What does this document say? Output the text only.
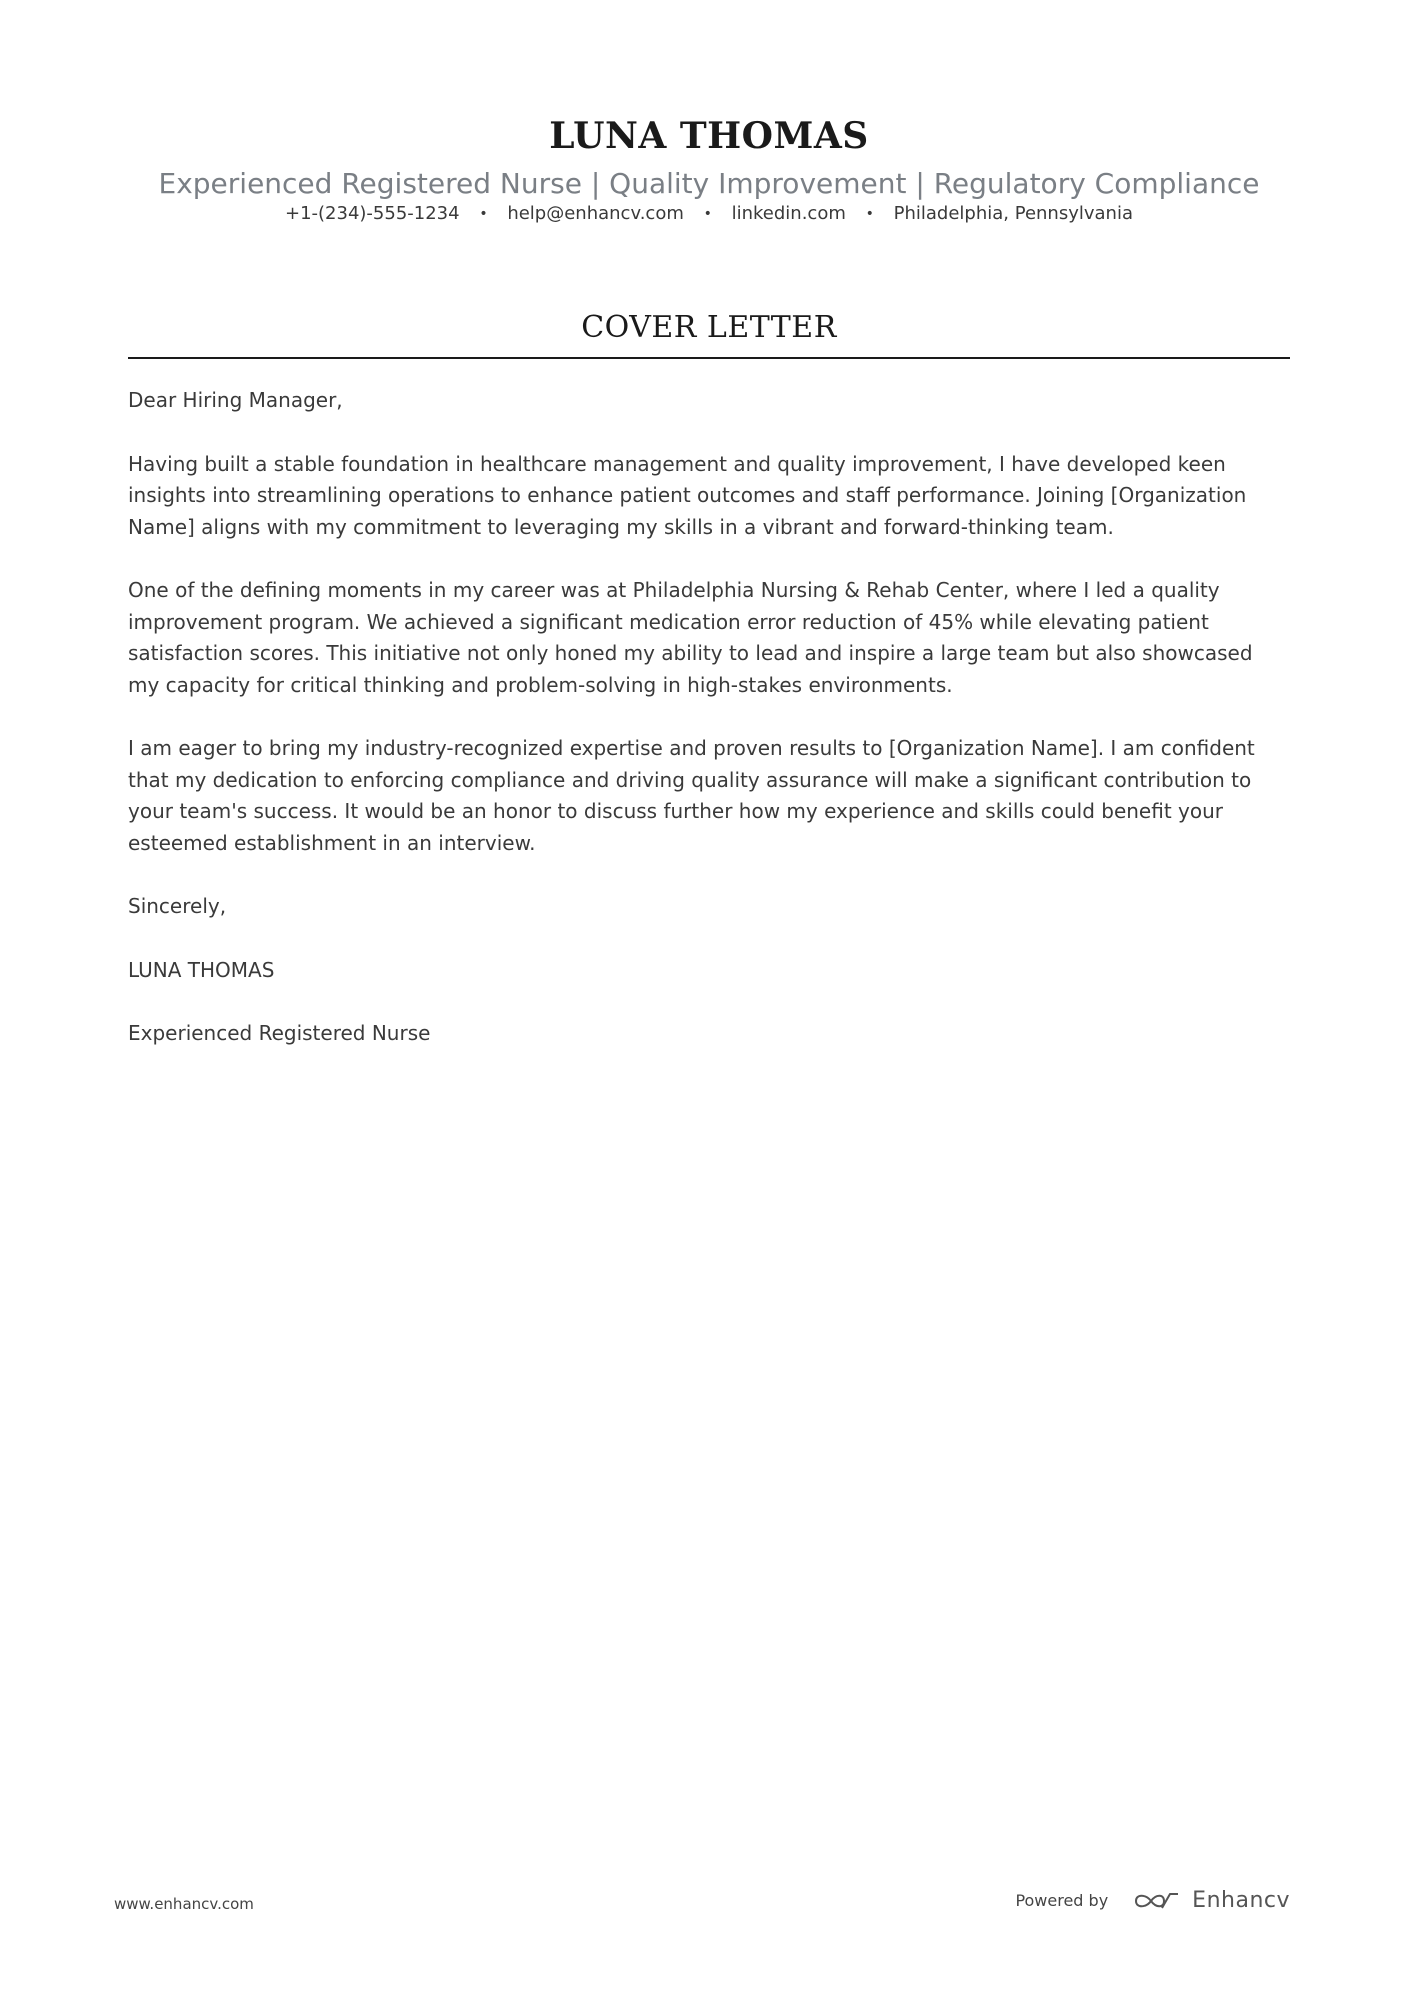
LUNA THOMAS
Experienced Registered Nurse | Quality Improvement | Regulatory Compliance
+1-(234)-555-1234 • help@enhancv.com • linkedin.com • Philadelphia, Pennsylvania
COVER LETTER

Dear Hiring Manager,

Having built a stable foundation in healthcare management and quality improvement, I have developed keen insights into streamlining operations to enhance patient outcomes and staff performance. Joining [Organization Name] aligns with my commitment to leveraging my skills in a vibrant and forward-thinking team.

One of the defining moments in my career was at Philadelphia Nursing & Rehab Center, where I led a quality improvement program. We achieved a significant medication error reduction of 45% while elevating patient satisfaction scores. This initiative not only honed my ability to lead and inspire a large team but also showcased my capacity for critical thinking and problem-solving in high-stakes environments.

I am eager to bring my industry-recognized expertise and proven results to [Organization Name]. I am confident that my dedication to enforcing compliance and driving quality assurance will make a significant contribution to your team's success. It would be an honor to discuss further how my experience and skills could benefit your esteemed establishment in an interview.

Sincerely,

LUNA THOMAS

Experienced Registered Nurse

www.enhancv.com	Powered by	Enhancv
